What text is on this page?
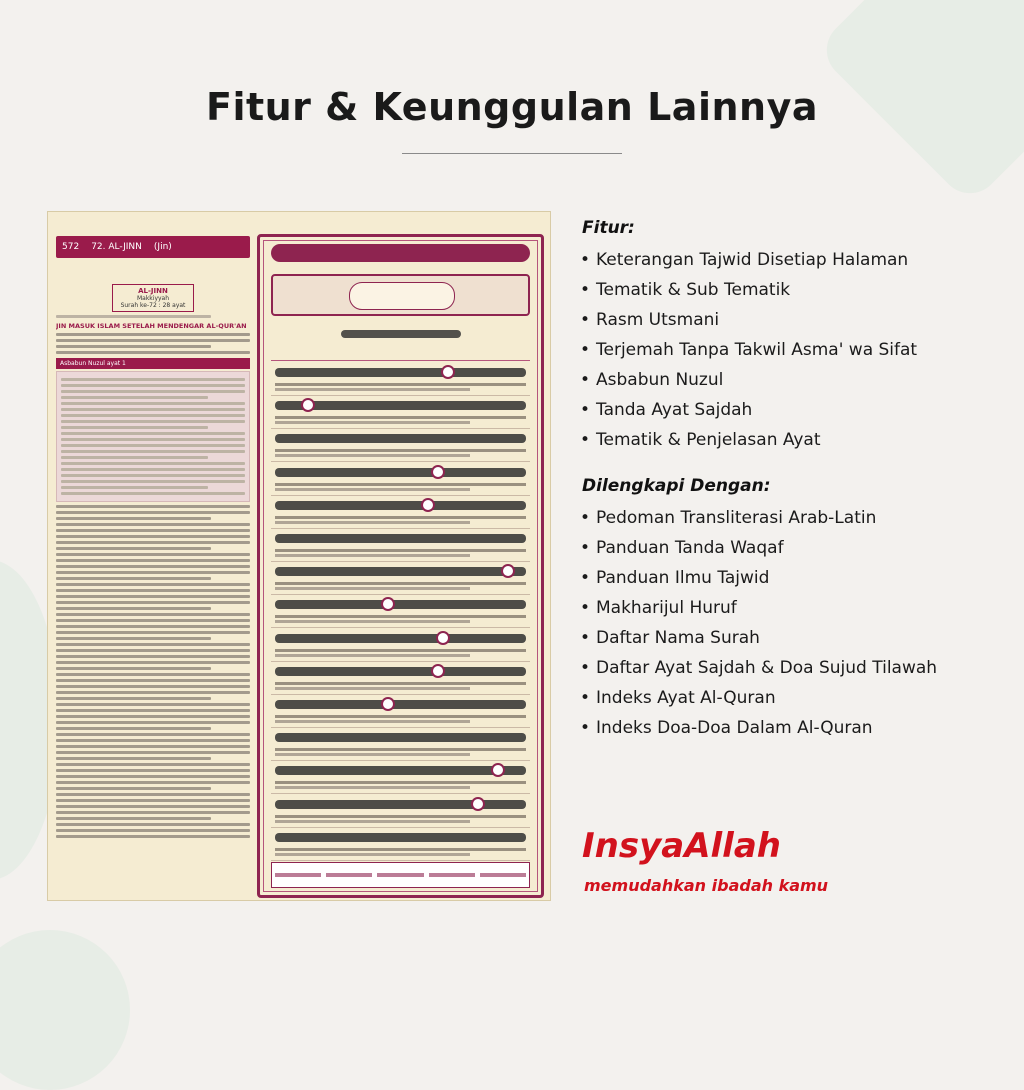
Fitur & Keunggulan Lainnya
572	72. AL-JINN	(Jin)
AL-JINN
Makkiyyah
Surah ke-72 : 28 ayat
JIN MASUK ISLAM SETELAH MENDENGAR AL-QUR'AN
Asbabun Nuzul ayat 1
Fitur:
• Keterangan Tajwid Disetiap Halaman
• Tematik & Sub Tematik
• Rasm Utsmani
• Terjemah Tanpa Takwil Asma' wa Sifat
• Asbabun Nuzul
• Tanda Ayat Sajdah
• Tematik & Penjelasan Ayat
Dilengkapi Dengan:
• Pedoman Transliterasi Arab-Latin
• Panduan Tanda Waqaf
• Panduan Ilmu Tajwid
• Makharijul Huruf
• Daftar Nama Surah
• Daftar Ayat Sajdah & Doa Sujud Tilawah
• Indeks Ayat Al-Quran
• Indeks Doa-Doa Dalam Al-Quran
InsyaAllah
memudahkan ibadah kamu
